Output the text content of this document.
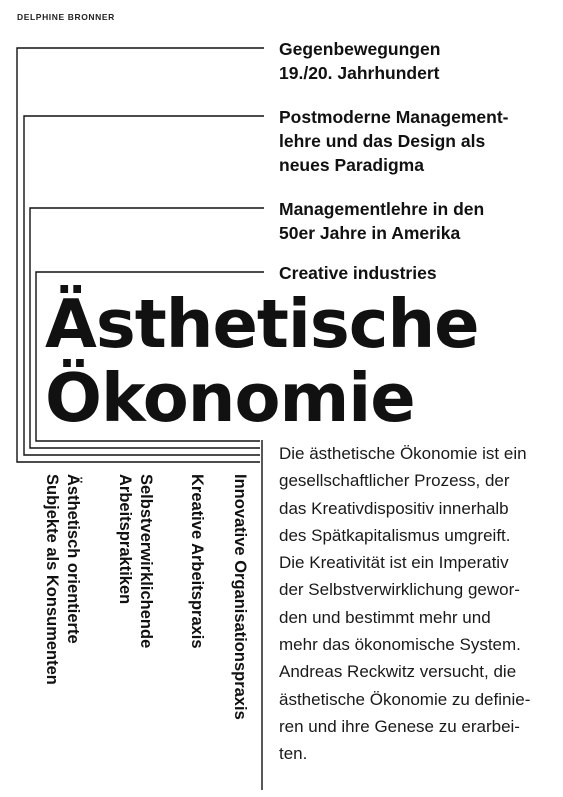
DELPHINE BRONNER
Gegenbewegungen
19./20. Jahrhundert
Postmoderne Management-
lehre und das Design als
neues Paradigma
Managementlehre in den
50er Jahre in Amerika
Creative industries
Ästhetische
Ökonomie
Die ästhetische Ökonomie ist ein
gesellschaftlicher Prozess, der
das Kreativdispositiv innerhalb
des Spätkapitalismus umgreift.
Die Kreativität ist ein Imperativ
der Selbstverwirklichung gewor-
den und bestimmt mehr und
mehr das ökonomische System.
Andreas Reckwitz versucht, die
ästhetische Ökonomie zu definie-
ren und ihre Genese zu erarbei-
ten.
Innovative Organisationspraxis
Kreative Arbeitspraxis
Selbstverwirklichende
Arbeitspraktiken
Ästhetisch orientierte
Subjekte als Konsumenten
